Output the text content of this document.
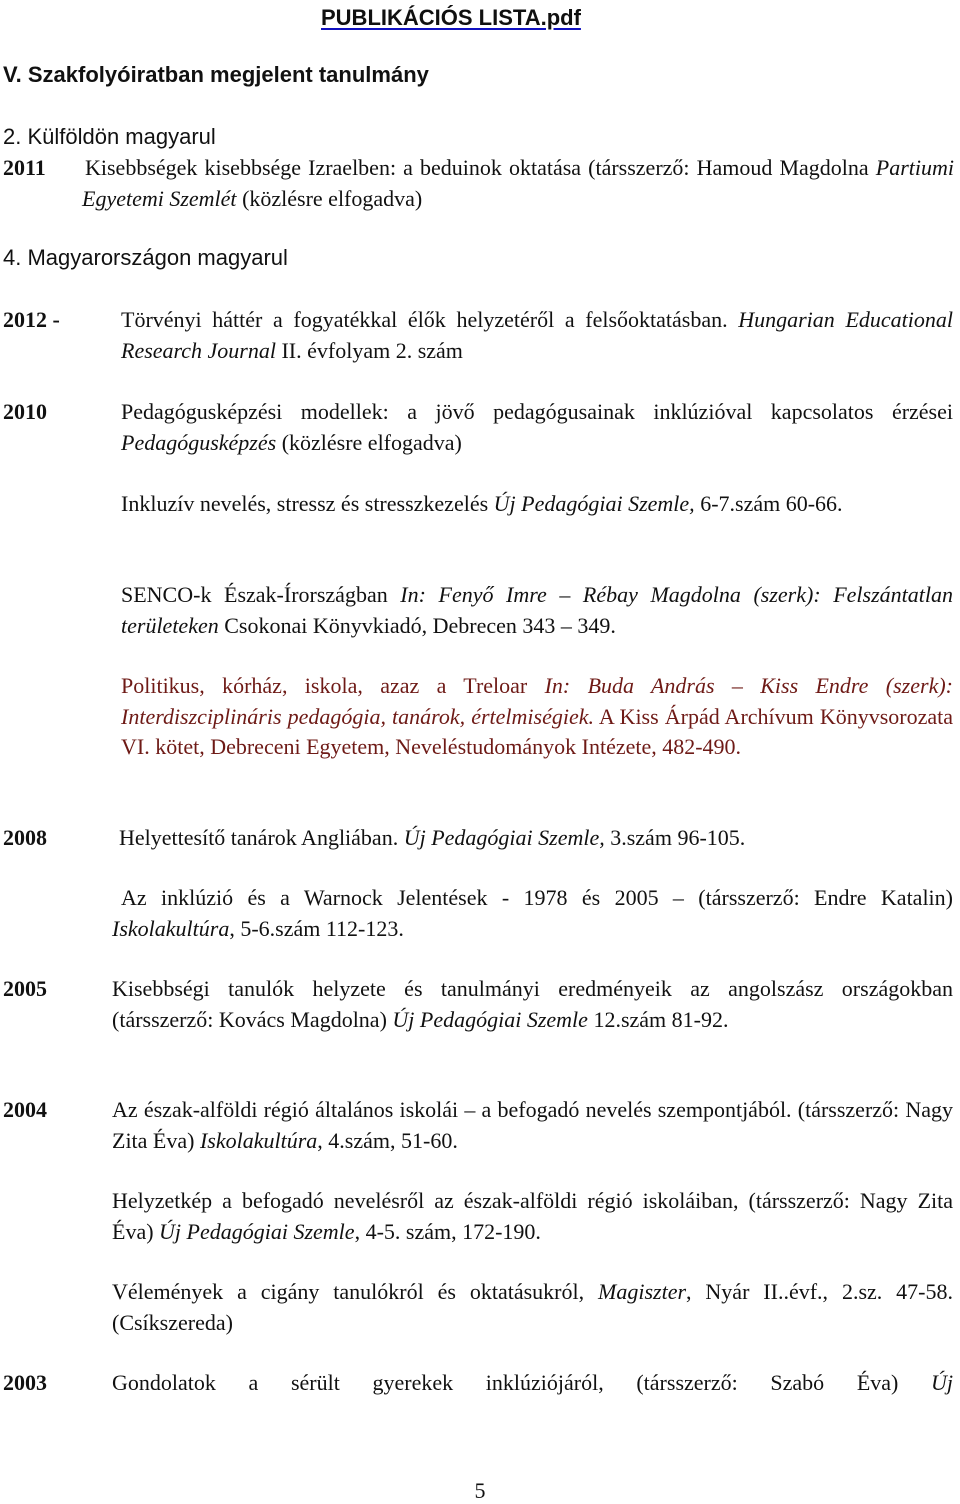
PUBLIKÁCIÓS LISTA.pdf
V. Szakfolyóiratban megjelent tanulmány
2. Külföldön magyarul
2011	Kisebbségek kisebbsége Izraelben: a beduinok oktatása (társszerző: Hamoud Magdolna Partiumi Egyetemi Szemlét (közlésre elfogadva)
4. Magyarországon magyarul
2012 -	Törvényi háttér a fogyatékkal élők helyzetéről a felsőoktatásban. Hungarian Educational Research Journal II. évfolyam 2. szám
2010	Pedagógusképzési modellek: a jövő pedagógusainak inklúzióval kapcsolatos érzései Pedagógusképzés (közlésre elfogadva)
Inkluzív nevelés, stressz és stresszkezelés Új Pedagógiai Szemle, 6-7.szám 60-66.
SENCO-k Észak-Írországban In: Fenyő Imre – Rébay Magdolna (szerk): Felszántatlan területeken Csokonai Könyvkiadó, Debrecen 343 – 349.
Politikus, kórház, iskola, azaz a Treloar In: Buda András – Kiss Endre (szerk): Interdiszciplináris pedagógia, tanárok, értelmiségiek. A Kiss Árpád Archívum Könyvsorozata VI. kötet, Debreceni Egyetem, Neveléstudományok Intézete, 482-490.
2008	Helyettesítő tanárok Angliában. Új Pedagógiai Szemle, 3.szám 96-105.
Az inklúzió és a Warnock Jelentések - 1978 és 2005 – (társszerző: Endre Katalin) Iskolakultúra, 5-6.szám 112-123.
2005	Kisebbségi tanulók helyzete és tanulmányi eredményeik az angolszász országokban (társszerző: Kovács Magdolna) Új Pedagógiai Szemle 12.szám 81-92.
2004	Az észak-alföldi régió általános iskolái – a befogadó nevelés szempontjából. (társszerző: Nagy Zita Éva) Iskolakultúra, 4.szám, 51-60.
Helyzetkép a befogadó nevelésről az észak-alföldi régió iskoláiban, (társszerző: Nagy Zita Éva) Új Pedagógiai Szemle, 4-5. szám, 172-190.
Vélemények a cigány tanulókról és oktatásukról, Magiszter, Nyár II..évf., 2.sz. 47-58. (Csíkszereda)
2003	Gondolatok a sérült gyerekek inklúziójáról, (társszerző: Szabó Éva) Új
5
